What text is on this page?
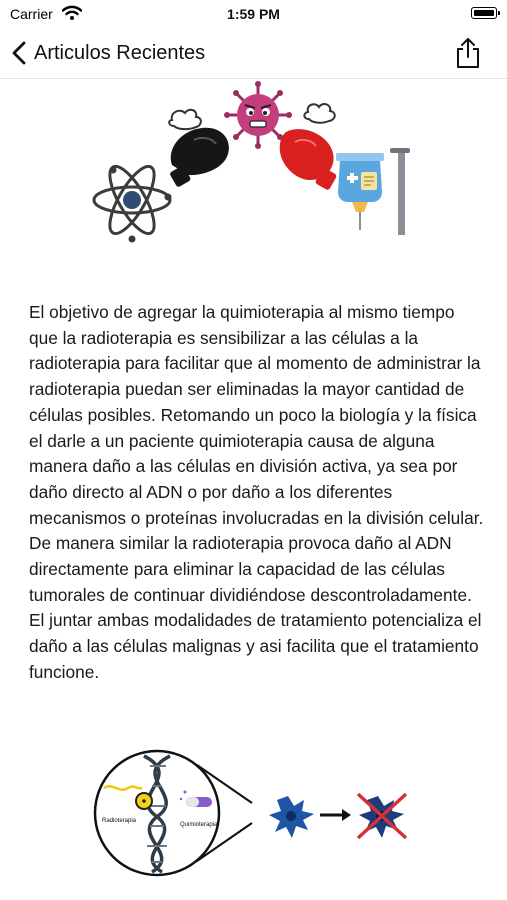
Carrier	1:59 PM
Articulos Recientes

El objetivo de agregar la quimioterapia al mismo tiempo que la radioterapia es sensibilizar a las células a la radioterapia para facilitar que al momento de administrar la radioterapia puedan ser eliminadas la mayor cantidad de células posibles. Retomando un poco la biología y la física el darle a un paciente quimioterapia causa de alguna manera daño a las células en división activa, ya sea por daño directo al ADN o por daño a los diferentes mecanismos o proteínas involucradas en la división celular. De manera similar la radioterapia provoca daño al ADN directamente para eliminar la capacidad de las células tumorales de continuar dividiéndose descontroladamente. El juntar ambas modalidades de tratamiento potencializa el daño a las células malignas y asi facilita que el tratamiento funcione.

Radioterapia
Quimioterapia
